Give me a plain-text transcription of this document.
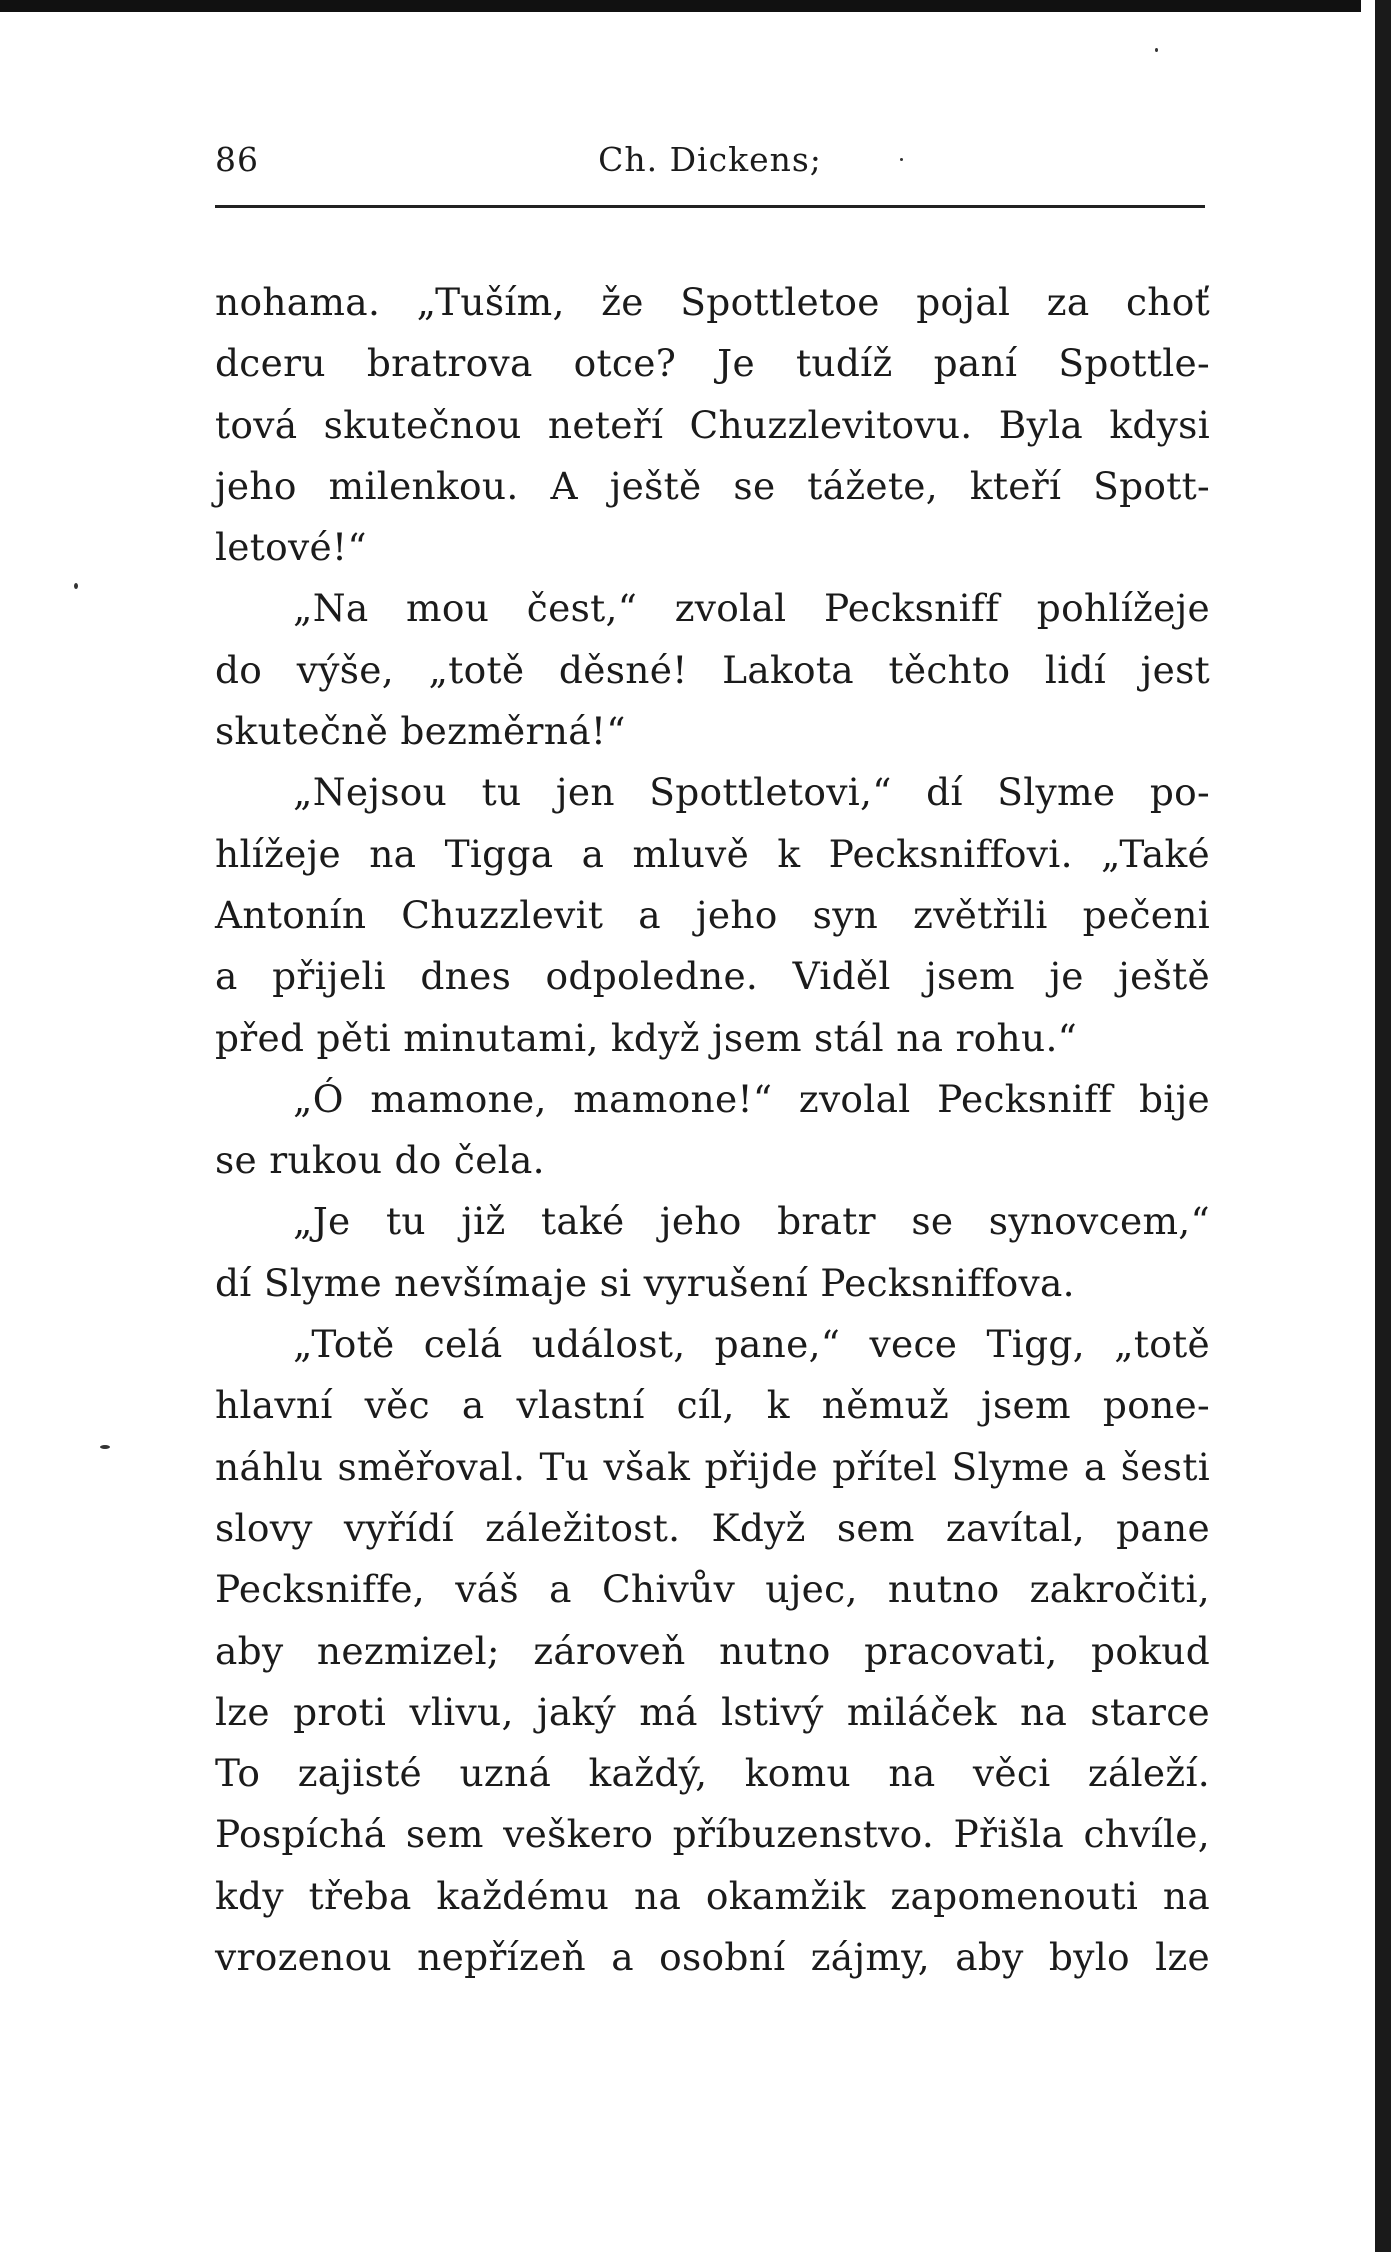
86	Ch. Dickens;
nohama. „Tuším, že Spottletoe pojal za choť
dceru bratrova otce? Je tudíž paní Spottle-
tová skutečnou neteří Chuzzlevitovu. Byla kdysi
jeho milenkou. A ještě se tážete, kteří Spott-
letové!“
„Na mou čest,“ zvolal Pecksniff pohlížeje
do výše, „totě děsné! Lakota těchto lidí jest
skutečně bezměrná!“
„Nejsou tu jen Spottletovi,“ dí Slyme po-
hlížeje na Tigga a mluvě k Pecksniffovi. „Také
Antonín Chuzzlevit a jeho syn zvětřili pečeni
a přijeli dnes odpoledne. Viděl jsem je ještě
před pěti minutami, když jsem stál na rohu.“
„Ó mamone, mamone!“ zvolal Pecksniff bije
se rukou do čela.
„Je tu již také jeho bratr se synovcem,“
dí Slyme nevšímaje si vyrušení Pecksniffova.
„Totě celá událost, pane,“ vece Tigg, „totě
hlavní věc a vlastní cíl, k němuž jsem pone-
náhlu směřoval. Tu však přijde přítel Slyme a šesti
slovy vyřídí záležitost. Když sem zavítal, pane
Pecksniffe, váš a Chivův ujec, nutno zakročiti,
aby nezmizel; zároveň nutno pracovati, pokud
lze proti vlivu, jaký má lstivý miláček na starce
To zajisté uzná každý, komu na věci záleží.
Pospíchá sem veškero příbuzenstvo. Přišla chvíle,
kdy třeba každému na okamžik zapomenouti na
vrozenou nepřízeň a osobní zájmy, aby bylo lze
